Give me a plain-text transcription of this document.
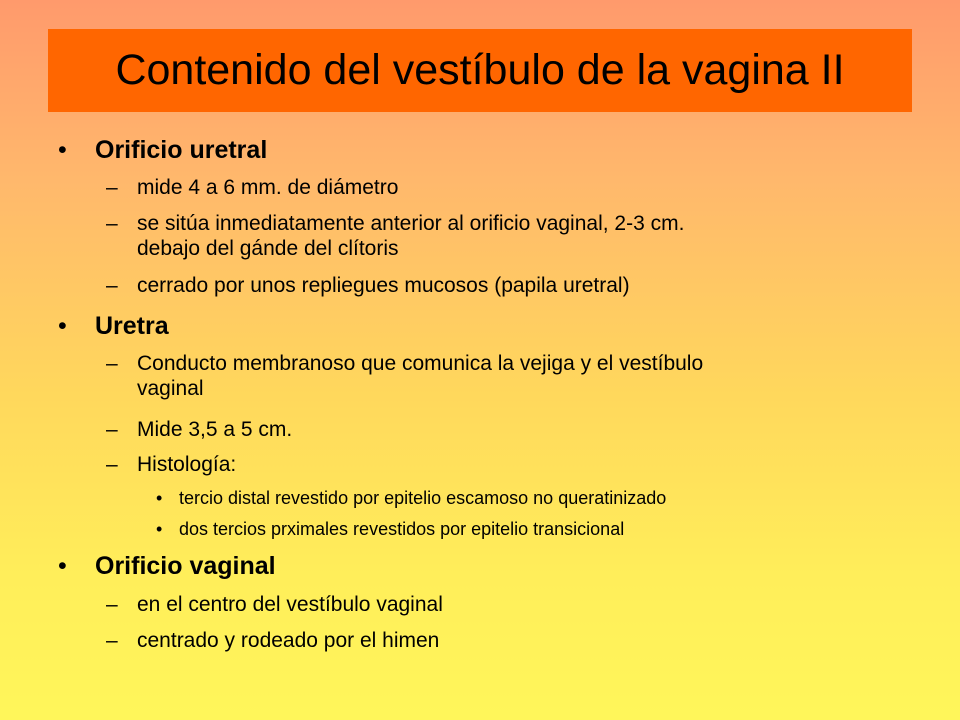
Contenido del vestíbulo de la vagina II
• Orificio uretral
– mide 4 a 6 mm. de diámetro
– se sitúa inmediatamente anterior al orificio vaginal, 2-3 cm.
debajo del gánde del clítoris
– cerrado por unos repliegues mucosos (papila uretral)
• Uretra
– Conducto membranoso que comunica la vejiga y el vestíbulo
vaginal
– Mide 3,5 a 5 cm.
– Histología:
• tercio distal revestido por epitelio escamoso no queratinizado
• dos tercios prximales revestidos por epitelio transicional
• Orificio vaginal
– en el centro del vestíbulo vaginal
– centrado y rodeado por el himen
